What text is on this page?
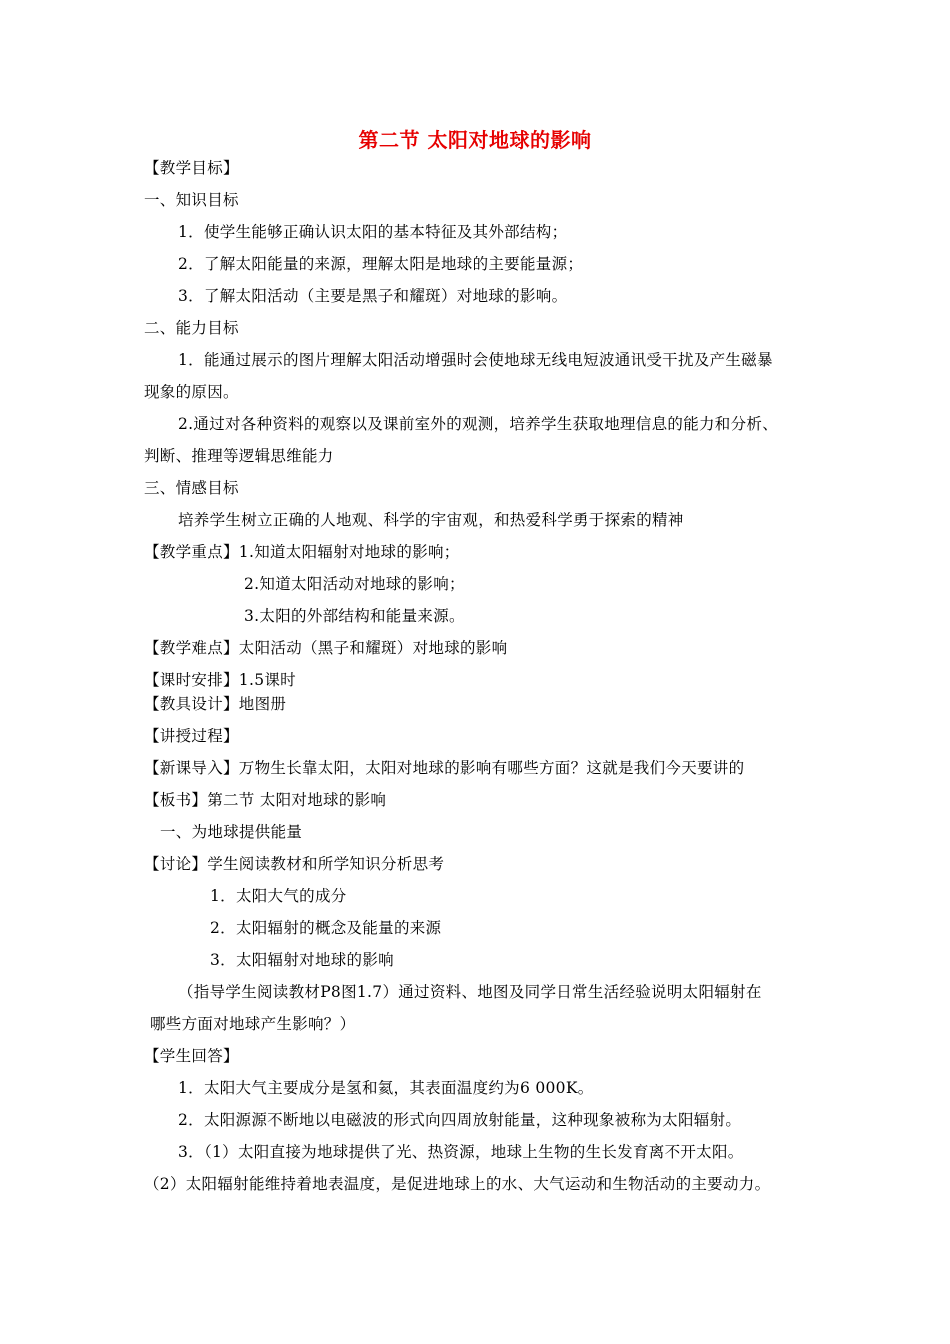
第二节 太阳对地球的影响
【教学目标】
一、知识目标
1．使学生能够正确认识太阳的基本特征及其外部结构；
2．了解太阳能量的来源，理解太阳是地球的主要能量源；
3．了解太阳活动（主要是黑子和耀斑）对地球的影响。
二、能力目标
1．能通过展示的图片理解太阳活动增强时会使地球无线电短波通讯受干扰及产生磁暴
现象的原因。
2.通过对各种资料的观察以及课前室外的观测，培养学生获取地理信息的能力和分析、
判断、推理等逻辑思维能力
三、情感目标
培养学生树立正确的人地观、科学的宇宙观，和热爱科学勇于探索的精神
【教学重点】1.知道太阳辐射对地球的影响；
2.知道太阳活动对地球的影响；
3.太阳的外部结构和能量来源。
【教学难点】太阳活动（黑子和耀斑）对地球的影响
【课时安排】1.5课时
【教具设计】地图册
【讲授过程】
【新课导入】万物生长靠太阳，太阳对地球的影响有哪些方面？这就是我们今天要讲的
【板书】第二节 太阳对地球的影响
一、为地球提供能量
【讨论】学生阅读教材和所学知识分析思考
1．太阳大气的成分
2．太阳辐射的概念及能量的来源
3．太阳辐射对地球的影响
（指导学生阅读教材P8图1.7）通过资料、地图及同学日常生活经验说明太阳辐射在
哪些方面对地球产生影响？）
【学生回答】
1．太阳大气主要成分是氢和氦，其表面温度约为6 000K。
2．太阳源源不断地以电磁波的形式向四周放射能量，这种现象被称为太阳辐射。
3．（1）太阳直接为地球提供了光、热资源，地球上生物的生长发育离不开太阳。
（2）太阳辐射能维持着地表温度，是促进地球上的水、大气运动和生物活动的主要动力。
